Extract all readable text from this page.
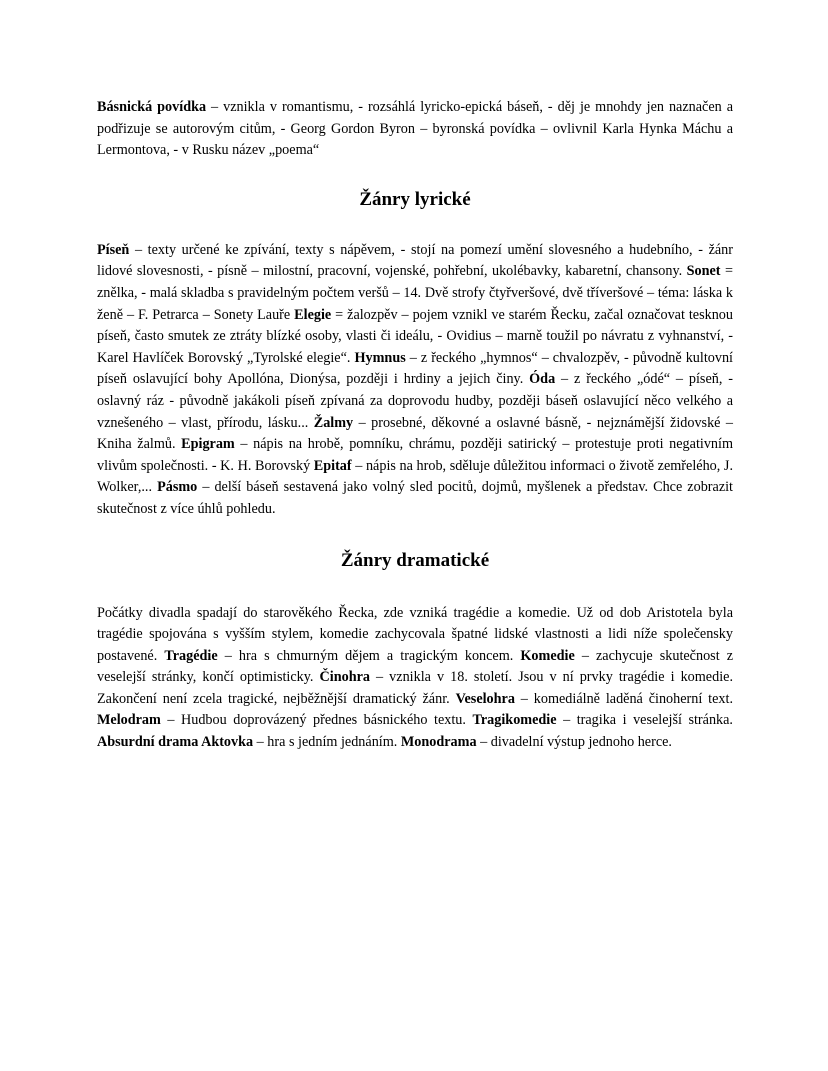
Básnická povídka – vznikla v romantismu, - rozsáhlá lyricko-epická báseň, - děj je mnohdy jen naznačen a podřizuje se autorovým citům, - Georg Gordon Byron – byronská povídka – ovlivnil Karla Hynka Máchu a Lermontova, - v Rusku název „poema“

Žánry lyrické

Píseň – texty určené ke zpívání, texty s nápěvem, - stojí na pomezí umění slovesného a hudebního, - žánr lidové slovesnosti, - písně – milostní, pracovní, vojenské, pohřební, ukolébavky, kabaretní, chansony. Sonet = znělka, - malá skladba s pravidelným počtem veršů – 14. Dvě strofy čtyřveršové, dvě tříveršové – téma: láska k ženě – F. Petrarca – Sonety Lauře Elegie = žalozpěv – pojem vznikl ve starém Řecku, začal označovat tesknou píseň, často smutek ze ztráty blízké osoby, vlasti či ideálu, - Ovidius – marně toužil po návratu z vyhnanství, - Karel Havlíček Borovský „Tyrolské elegie“. Hymnus – z řeckého „hymnos“ – chvalozpěv, - původně kultovní píseň oslavující bohy Apollóna, Dionýsa, později i hrdiny a jejich činy. Óda – z řeckého „ódé“ – píseň, - oslavný ráz - původně jakákoli píseň zpívaná za doprovodu hudby, později báseň oslavující něco velkého a vznešeného – vlast, přírodu, lásku... Žalmy – prosebné, děkovné a oslavné básně, - nejznámější židovské – Kniha žalmů. Epigram – nápis na hrobě, pomníku, chrámu, později satirický – protestuje proti negativním vlivům společnosti. - K. H. Borovský Epitaf – nápis na hrob, sděluje důležitou informaci o životě zemřelého, J. Wolker,... Pásmo – delší báseň sestavená jako volný sled pocitů, dojmů, myšlenek a představ. Chce zobrazit skutečnost z více úhlů pohledu.

Žánry dramatické

Počátky divadla spadají do starověkého Řecka, zde vzniká tragédie a komedie. Už od dob Aristotela byla tragédie spojována s vyšším stylem, komedie zachycovala špatné lidské vlastnosti a lidi níže společensky postavené. Tragédie – hra s chmurným dějem a tragickým koncem. Komedie – zachycuje skutečnost z veselejší stránky, končí optimisticky. Činohra – vznikla v 18. století. Jsou v ní prvky tragédie i komedie. Zakončení není zcela tragické, nejběžnější dramatický žánr. Veselohra – komediálně laděná činoherní text. Melodram – Hudbou doprovázený přednes básnického textu. Tragikomedie – tragika i veselejší stránka. Absurdní drama Aktovka – hra s jedním jednáním. Monodrama – divadelní výstup jednoho herce.
